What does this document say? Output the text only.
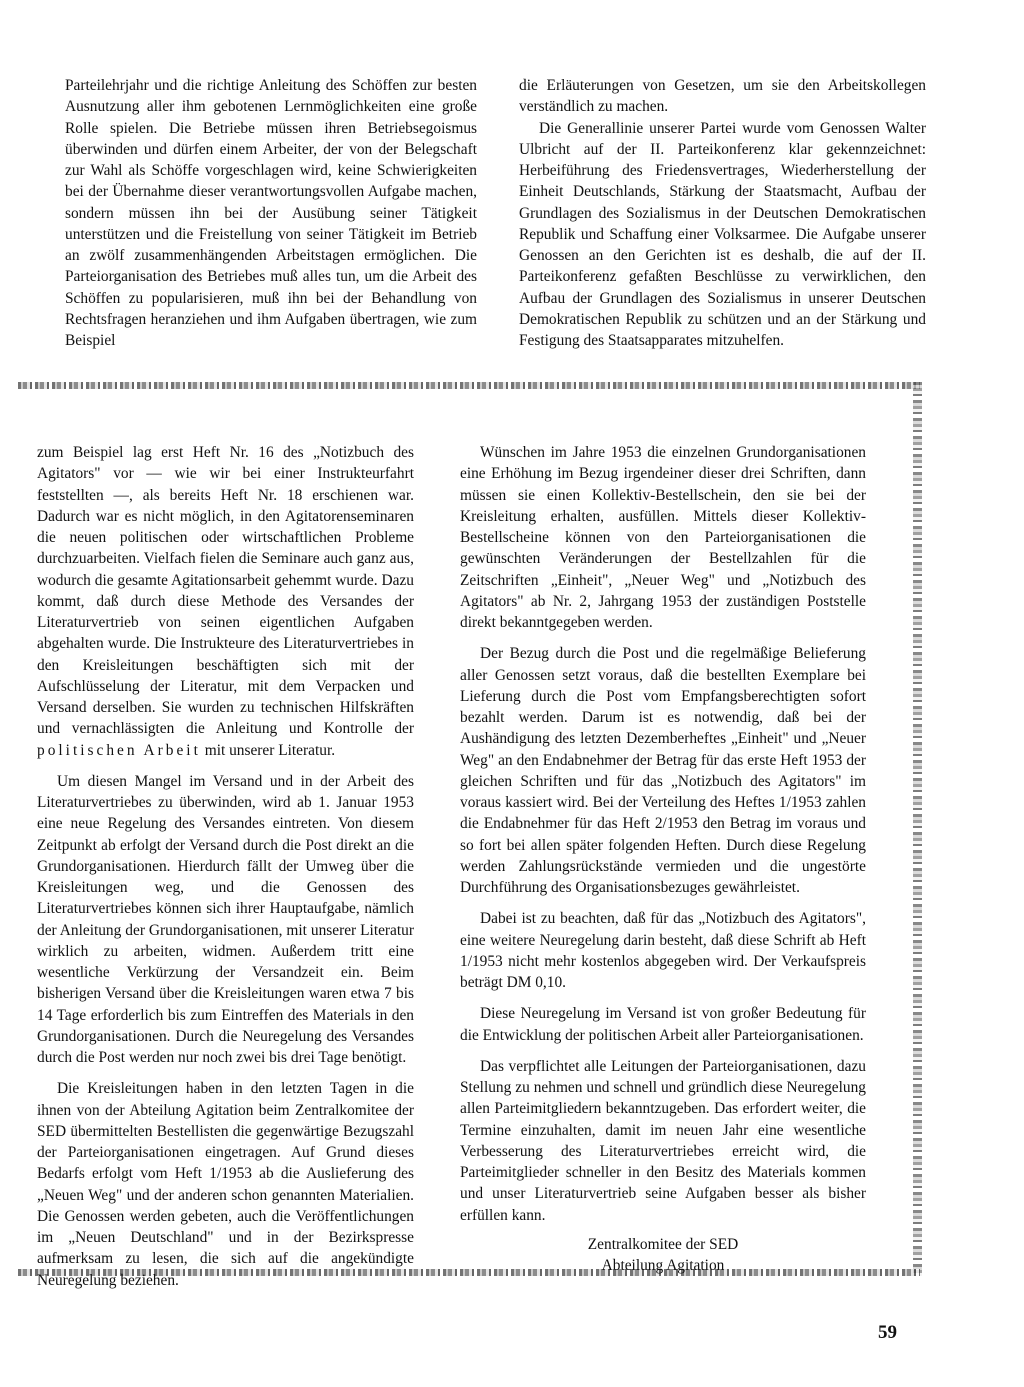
Parteilehrjahr und die richtige Anleitung des Schöffen zur besten Ausnutzung aller ihm gebotenen Lernmöglichkeiten eine große Rolle spielen. Die Betriebe müssen ihren Betriebsegoismus überwinden und dürfen einem Arbeiter, der von der Belegschaft zur Wahl als Schöffe vorgeschlagen wird, keine Schwierigkeiten bei der Übernahme dieser verantwortungsvollen Aufgabe machen, sondern müssen ihn bei der Ausübung seiner Tätigkeit unterstützen und die Freistellung von seiner Tätigkeit im Betrieb an zwölf zusammenhängenden Arbeitstagen ermöglichen. Die Parteiorganisation des Betriebes muß alles tun, um die Arbeit des Schöffen zu popularisieren, muß ihn bei der Behandlung von Rechtsfragen heranziehen und ihm Aufgaben übertragen, wie zum Beispiel

die Erläuterungen von Gesetzen, um sie den Arbeitskollegen verständlich zu machen.

Die Generallinie unserer Partei wurde vom Genossen Walter Ulbricht auf der II. Parteikonferenz klar gekennzeichnet: Herbeiführung des Friedensvertrages, Wiederherstellung der Einheit Deutschlands, Stärkung der Staatsmacht, Aufbau der Grundlagen des Sozialismus in der Deutschen Demokratischen Republik und Schaffung einer Volksarmee. Die Aufgabe unserer Genossen an den Gerichten ist es deshalb, die auf der II. Parteikonferenz gefaßten Beschlüsse zu verwirklichen, den Aufbau der Grundlagen des Sozialismus in unserer Deutschen Demokratischen Republik zu schützen und an der Stärkung und Festigung des Staatsapparates mitzuhelfen.

zum Beispiel lag erst Heft Nr. 16 des „Notizbuch des Agitators" vor — wie wir bei einer Instrukteurfahrt feststellten —, als bereits Heft Nr. 18 erschienen war. Dadurch war es nicht möglich, in den Agitatorenseminaren die neuen politischen oder wirtschaftlichen Probleme durchzuarbeiten. Vielfach fielen die Seminare auch ganz aus, wodurch die gesamte Agitationsarbeit gehemmt wurde. Dazu kommt, daß durch diese Methode des Versandes der Literaturvertrieb von seinen eigentlichen Aufgaben abgehalten wurde. Die Instrukteure des Literaturvertriebes in den Kreisleitungen beschäftigten sich mit der Aufschlüsselung der Literatur, mit dem Verpacken und Versand derselben. Sie wurden zu technischen Hilfskräften und vernachlässigten die Anleitung und Kontrolle der politischen Arbeit mit unserer Literatur.

Um diesen Mangel im Versand und in der Arbeit des Literaturvertriebes zu überwinden, wird ab 1. Januar 1953 eine neue Regelung des Versandes eintreten. Von diesem Zeitpunkt ab erfolgt der Versand durch die Post direkt an die Grundorganisationen. Hierdurch fällt der Umweg über die Kreisleitungen weg, und die Genossen des Literaturvertriebes können sich ihrer Hauptaufgabe, nämlich der Anleitung der Grundorganisationen, mit unserer Literatur wirklich zu arbeiten, widmen. Außerdem tritt eine wesentliche Verkürzung der Versandzeit ein. Beim bisherigen Versand über die Kreisleitungen waren etwa 7 bis 14 Tage erforderlich bis zum Eintreffen des Materials in den Grundorganisationen. Durch die Neuregelung des Versandes durch die Post werden nur noch zwei bis drei Tage benötigt.

Die Kreisleitungen haben in den letzten Tagen in die ihnen von der Abteilung Agitation beim Zentralkomitee der SED übermittelten Bestellisten die gegenwärtige Bezugszahl der Parteiorganisationen eingetragen. Auf Grund dieses Bedarfs erfolgt vom Heft 1/1953 ab die Auslieferung des „Neuen Weg" und der anderen schon genannten Materialien. Die Genossen werden gebeten, auch die Veröffentlichungen im „Neuen Deutschland" und in der Bezirkspresse aufmerksam zu lesen, die sich auf die angekündigte Neuregelung beziehen.

Wünschen im Jahre 1953 die einzelnen Grundorganisationen eine Erhöhung im Bezug irgendeiner dieser drei Schriften, dann müssen sie einen Kollektiv-Bestellschein, den sie bei der Kreisleitung erhalten, ausfüllen. Mittels dieser Kollektiv-Bestellscheine können von den Parteiorganisationen die gewünschten Veränderungen der Bestellzahlen für die Zeitschriften „Einheit", „Neuer Weg" und „Notizbuch des Agitators" ab Nr. 2, Jahrgang 1953 der zuständigen Poststelle direkt bekanntgegeben werden.

Der Bezug durch die Post und die regelmäßige Belieferung aller Genossen setzt voraus, daß die bestellten Exemplare bei Lieferung durch die Post vom Empfangsberechtigten sofort bezahlt werden. Darum ist es notwendig, daß bei der Aushändigung des letzten Dezemberheftes „Einheit" und „Neuer Weg" an den Endabnehmer der Betrag für das erste Heft 1953 der gleichen Schriften und für das „Notizbuch des Agitators" im voraus kassiert wird. Bei der Verteilung des Heftes 1/1953 zahlen die Endabnehmer für das Heft 2/1953 den Betrag im voraus und so fort bei allen später folgenden Heften. Durch diese Regelung werden Zahlungsrückstände vermieden und die ungestörte Durchführung des Organisationsbezuges gewährleistet.

Dabei ist zu beachten, daß für das „Notizbuch des Agitators", eine weitere Neuregelung darin besteht, daß diese Schrift ab Heft 1/1953 nicht mehr kostenlos abgegeben wird. Der Verkaufspreis beträgt DM 0,10.

Diese Neuregelung im Versand ist von großer Bedeutung für die Entwicklung der politischen Arbeit aller Parteiorganisationen.

Das verpflichtet alle Leitungen der Parteiorganisationen, dazu Stellung zu nehmen und schnell und gründlich diese Neuregelung allen Parteimitgliedern bekanntzugeben. Das erfordert weiter, die Termine einzuhalten, damit im neuen Jahr eine wesentliche Verbesserung des Literaturvertriebes erreicht wird, die Parteimitglieder schneller in den Besitz des Materials kommen und unser Literaturvertrieb seine Aufgaben besser als bisher erfüllen kann.

Zentralkomitee der SED

Abteilung Agitation

59
